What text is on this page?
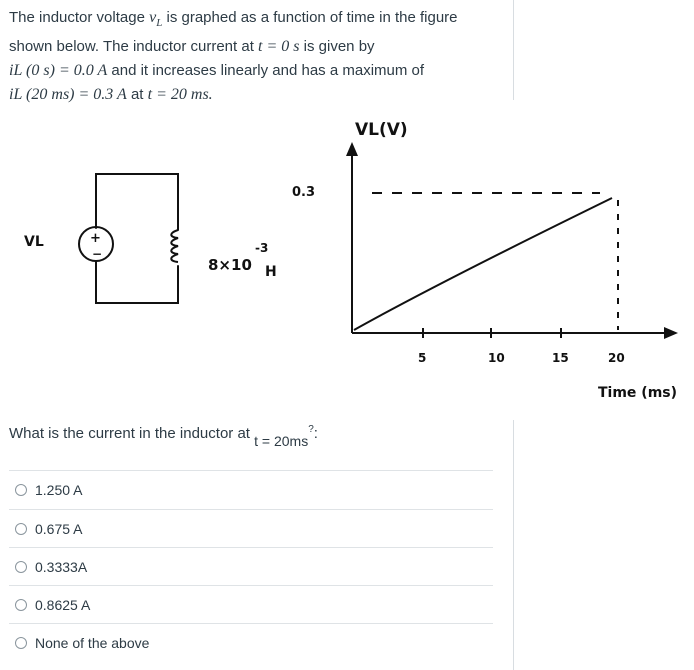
The inductor voltage $v_L$ is graphed as a function of time in the figure
shown below. The inductor current at t = 0 s is given by
iL (0 s) = 0.0 A and it increases linearly and has a maximum of
iL (20 ms) = 0.3 A at t = 20 ms.
+
−
VL
8×10
-3
H
VL(V)
0.3
5	10	15	20
Time (ms)
What is the current in the inductor at t = 20ms?:
1.250 A
0.675 A
0.3333A
0.8625 A
None of the above
